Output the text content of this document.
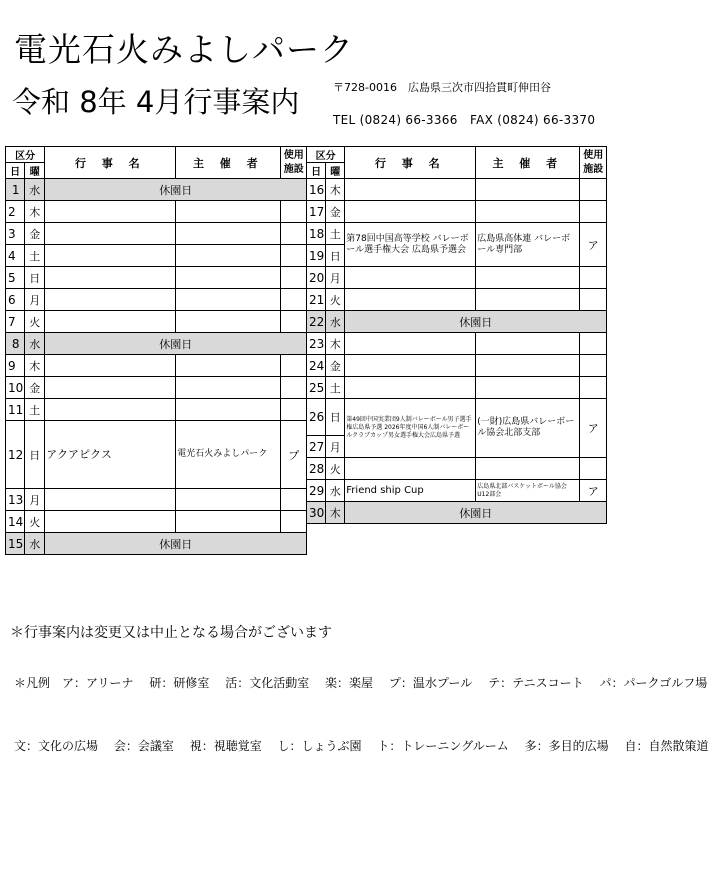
電光石火みよしパーク
令和 8年 4月行事案内	〒728-0016　広島県三次市四拾貫町伸田谷
TEL (0824) 66-3366　FAX (0824) 66-3370
区分		行 事 名	主 催 者	使用施設
日	曜			
1	水	休園日		
2	木			
3	金			
4	土			
5	日			
6	月			
7	火			
8	水	休園日		
9	木			
10	金			
11	土			
12	日	アクアピクス	電光石火みよしパーク	プ
13	月			
14	火			
15	水	休園日		
区分		行 事 名	主 催 者	使用施設
日	曜			
16	木			
17	金			
18	土	第78回中国高等学校 バレーボール選手権大会 広島県予選会	広島県高体連 バレーボール専門部	ア
19	日			
20	月			
21	火			
22	水	休園日		
23	木			
24	金			
25	土			
26	日	第49回中国実業団9人制バレーボール男子選手権広島県予選 2026年度中国6人制バレーボールクラブカップ男女選手権大会広島県予選	(一財)広島県バレーボール協会北部支部	ア
27	月			
28	火			
29	水	Friend ship Cup	広島県北部バスケットボール協会 U12部会	ア
30	木	休園日		
＊行事案内は変更又は中止となる場合がございます
＊凡例　ア：アリーナ 研：研修室 活：文化活動室 楽：楽屋 プ：温水プール テ：テニスコート パ：パークゴルフ場
文：文化の広場 会：会議室 視：視聴覚室 し：しょうぶ園 ト：トレーニングルーム 多：多目的広場 自：自然散策道
